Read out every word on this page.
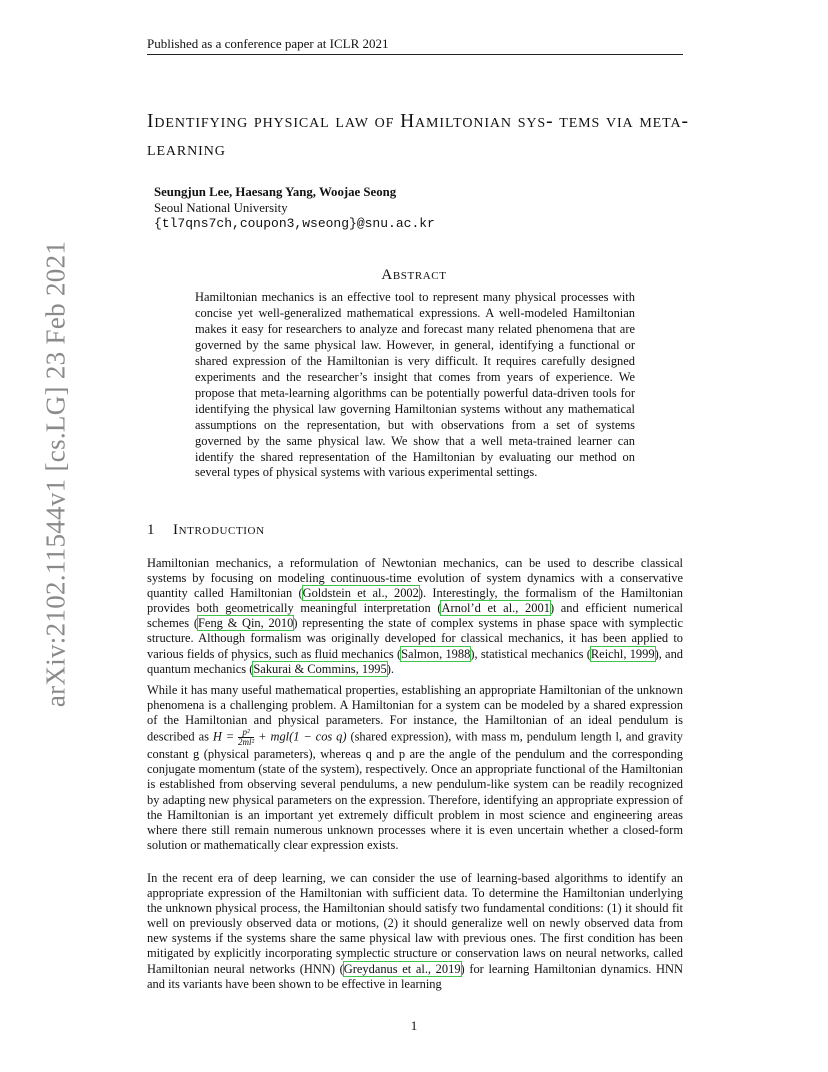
Published as a conference paper at ICLR 2021
Identifying physical law of Hamiltonian sys- tems via meta-learning
Seungjun Lee, Haesang Yang, Woojae Seong
Seoul National University
{tl7qns7ch,coupon3,wseong}@snu.ac.kr
Abstract
Hamiltonian mechanics is an effective tool to represent many physical processes with concise yet well-generalized mathematical expressions. A well-modeled Hamiltonian makes it easy for researchers to analyze and forecast many related phenomena that are governed by the same physical law. However, in general, identifying a functional or shared expression of the Hamiltonian is very difficult. It requires carefully designed experiments and the researcher’s insight that comes from years of experience. We propose that meta-learning algorithms can be potentially powerful data-driven tools for identifying the physical law governing Hamiltonian systems without any mathematical assumptions on the representation, but with observations from a set of systems governed by the same physical law. We show that a well meta-trained learner can identify the shared representation of the Hamiltonian by evaluating our method on several types of physical systems with various experimental settings.
1 Introduction
Hamiltonian mechanics, a reformulation of Newtonian mechanics, can be used to describe classical systems by focusing on modeling continuous-time evolution of system dynamics with a conservative quantity called Hamiltonian (Goldstein et al., 2002). Interestingly, the formalism of the Hamiltonian provides both geometrically meaningful interpretation (Arnol’d et al., 2001) and efficient numerical schemes (Feng & Qin, 2010) representing the state of complex systems in phase space with symplectic structure. Although formalism was originally developed for classical mechanics, it has been applied to various fields of physics, such as fluid mechanics (Salmon, 1988), statistical mechanics (Reichl, 1999), and quantum mechanics (Sakurai & Commins, 1995).
While it has many useful mathematical properties, establishing an appropriate Hamiltonian of the unknown phenomena is a challenging problem. A Hamiltonian for a system can be modeled by a shared expression of the Hamiltonian and physical parameters. For instance, the Hamiltonian of an ideal pendulum is described as $H = \frac{\text{p²}}{\text{2ml²}} + mgl(1 - \cos q)$ (shared expression), with mass m, pendulum length l, and gravity constant g (physical parameters), whereas q and p are the angle of the pendulum and the corresponding conjugate momentum (state of the system), respectively. Once an appropriate functional of the Hamiltonian is established from observing several pendulums, a new pendulum-like system can be readily recognized by adapting new physical parameters on the expression. Therefore, identifying an appropriate expression of the Hamiltonian is an important yet extremely difficult problem in most science and engineering areas where there still remain numerous unknown processes where it is even uncertain whether a closed-form solution or mathematically clear expression exists.
In the recent era of deep learning, we can consider the use of learning-based algorithms to identify an appropriate expression of the Hamiltonian with sufficient data. To determine the Hamiltonian underlying the unknown physical process, the Hamiltonian should satisfy two fundamental conditions: (1) it should fit well on previously observed data or motions, (2) it should generalize well on newly observed data from new systems if the systems share the same physical law with previous ones. The first condition has been mitigated by explicitly incorporating symplectic structure or conservation laws on neural networks, called Hamiltonian neural networks (HNN) (Greydanus et al., 2019) for learning Hamiltonian dynamics. HNN and its variants have been shown to be effective in learning
arXiv:2102.11544v1 [cs.LG] 23 Feb 2021
1
